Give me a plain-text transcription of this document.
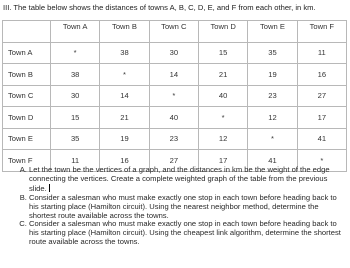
III. The table below shows the distances of towns A, B, C, D, E, and F from each other, in km.
	Town A	Town B	Town C	Town D	Town E	Town F
Town A	*	38	30	15	35	11
Town B	38	*	14	21	19	16
Town C	30	14	*	40	23	27
Town D	15	21	40	*	12	17
Town E	35	19	23	12	*	41
Town F	11	16	27	17	41	*
A. Let the town be the vertices of a graph, and the distances in km be the weight of the edge connecting the vertices. Create a complete weighted graph of the table from the previous slide.
B. Consider a salesman who must make exactly one stop in each town before heading back to his starting place (Hamilton circuit). Using the nearest neighbor method, determine the shortest route available across the towns.
C. Consider a salesman who must make exactly one stop in each town before heading back to his starting place (Hamilton circuit). Using the cheapest link algorithm, determine the shortest route available across the towns.
